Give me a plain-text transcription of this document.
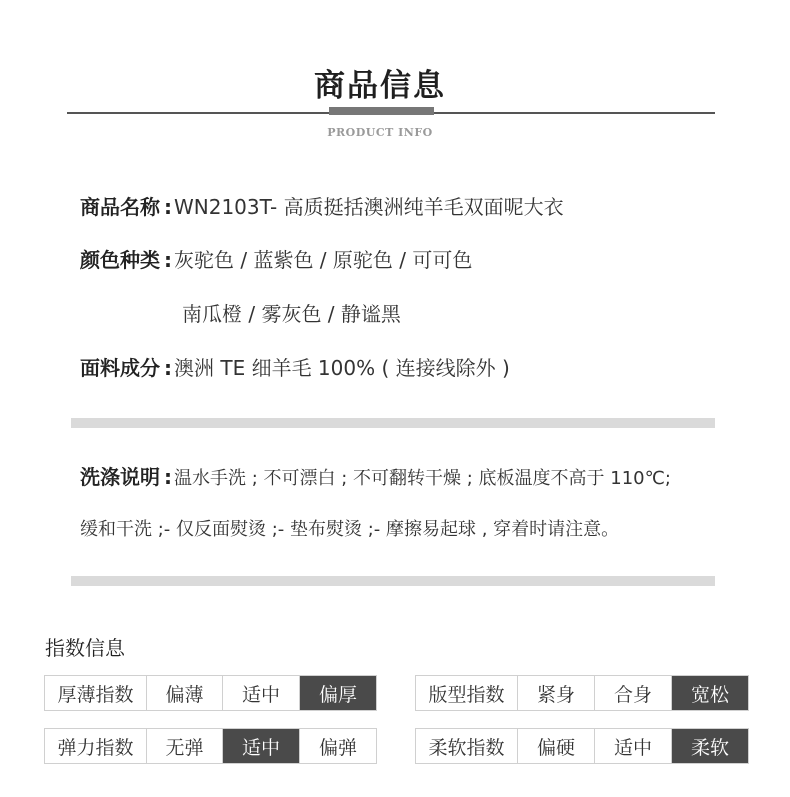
商品信息
PRODUCT INFO
商品名称 : WN2103T- 高质挺括澳洲纯羊毛双面呢大衣
颜色种类 : 灰驼色 / 蓝紫色 / 原驼色 / 可可色
南瓜橙 / 雾灰色 / 静谧黑
面料成分 : 澳洲 TE 细羊毛 100% ( 连接线除外 )
洗涤说明 : 温水手洗 ; 不可漂白 ; 不可翻转干燥 ; 底板温度不高于 110℃;
缓和干洗 ;- 仅反面熨烫 ;- 垫布熨烫 ;- 摩擦易起球 , 穿着时请注意。
指数信息
厚薄指数	偏薄	适中	偏厚	版型指数	紧身	合身	宽松
弹力指数	无弹	适中	偏弹	柔软指数	偏硬	适中	柔软
